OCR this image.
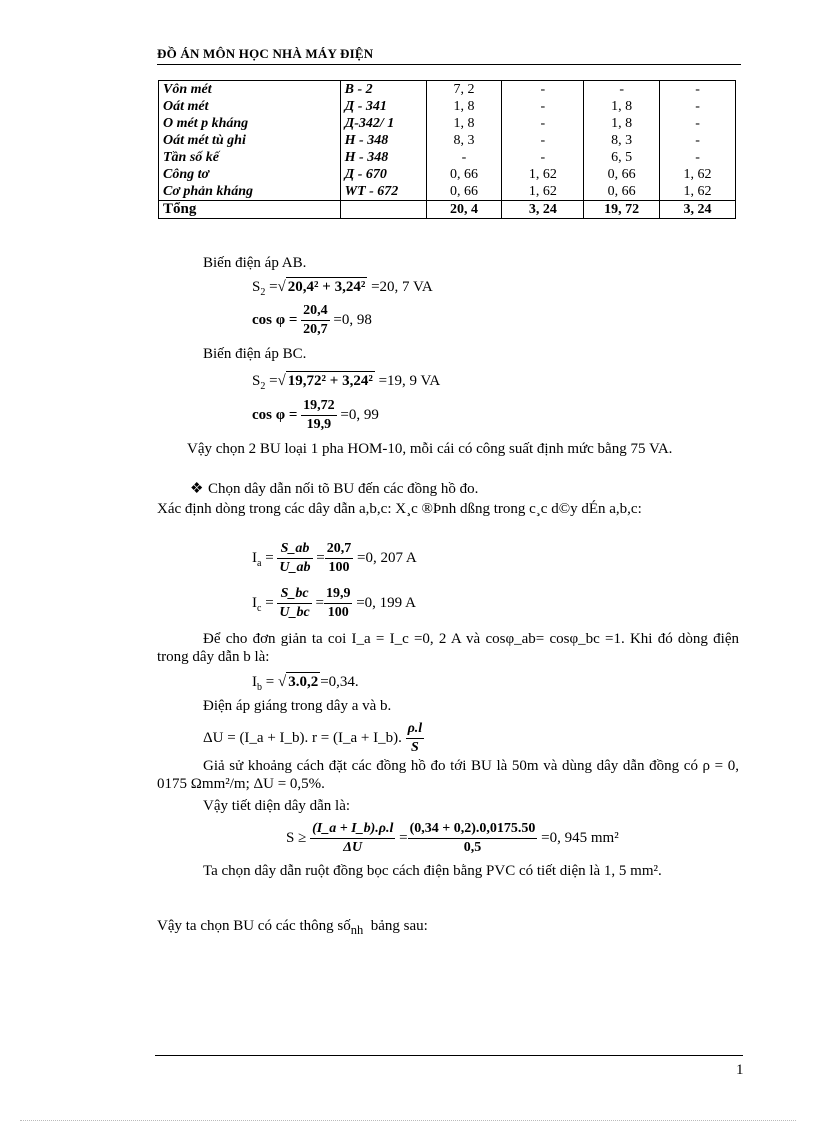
ĐỒ ÁN MÔN HỌC NHÀ MÁY ĐIỆN
Vôn mét	B - 2	7, 2	-	-	-
Oát mét	Д - 341	1, 8	-	1, 8	-
O mét p kháng	Д-342/ 1	1, 8	-	1, 8	-
Oát mét tù ghi	H - 348	8, 3	-	8, 3	-
Tần số kế	H - 348	-	-	6, 5	-
Công tơ	Д - 670	0, 66	1, 62	0, 66	1, 62
Cơ phản kháng	WT - 672	0, 66	1, 62	0, 66	1, 62
Tổng		20, 4	3, 24	19, 72	3, 24
Biến điện áp AB.
$S_2$ =√ 20,4² + 3,24² =20, 7 VA
$\cos \varphi = \frac{20,4}{20,7} =0$, 98
Biến điện áp BC.
$S_2$ =√ 19,72² + 3,24² =19, 9 VA
$\cos \varphi = \frac{19,72}{19,9} =0$, 99
Vậy chọn 2 BU loại 1 pha HOM-10, mỗi cái có công suất định mức bằng 75 VA.
❖ Chọn dây dẫn nối tõ BU đến các đồng hồ đo.
Xác định dòng trong các dây dẫn a,b,c: X¸c ®Þnh dßng trong c¸c d©y dÉn a,b,c:
$I_a = \frac{S\_ab}{U\_ab} = \frac{20,7}{100} =0$, 207 A
$I_c = \frac{S\_bc}{U\_bc} = \frac{19,9}{100} =0$, 199 A
Để cho đơn giản ta coi I_a = I_c =0, 2 A và cosφ_ab= cosφ_bc =1. Khi đó dòng điện trong dây dẫn b là:
$I_b$ = √ 3.0,2 =0,34.
Điện áp giáng trong dây a và b.
ΔU = (I_a + I_b). r = (I_a + I_b). $\frac{\rho.l}{S}$
Giả sử khoảng cách đặt các đồng hồ đo tới BU là 50m và dùng dây dẫn đồng có ρ = 0, 0175 Ωmm²/m; ΔU = 0,5%.
Vậy tiết diện dây dẫn là:
$S \ge \frac{(I\_a + I\_b).\rho.l}{\Delta U} = \frac{(0,34 + 0,2).0,0175.50}{0,5} =0$, 945 mm²
Ta chọn dây dẫn ruột đồng bọc cách điện bằng PVC có tiết diện là 1, 5 mm².
Vậy ta chọn BU có các thông số$_{nh}$ bảng sau:
1
